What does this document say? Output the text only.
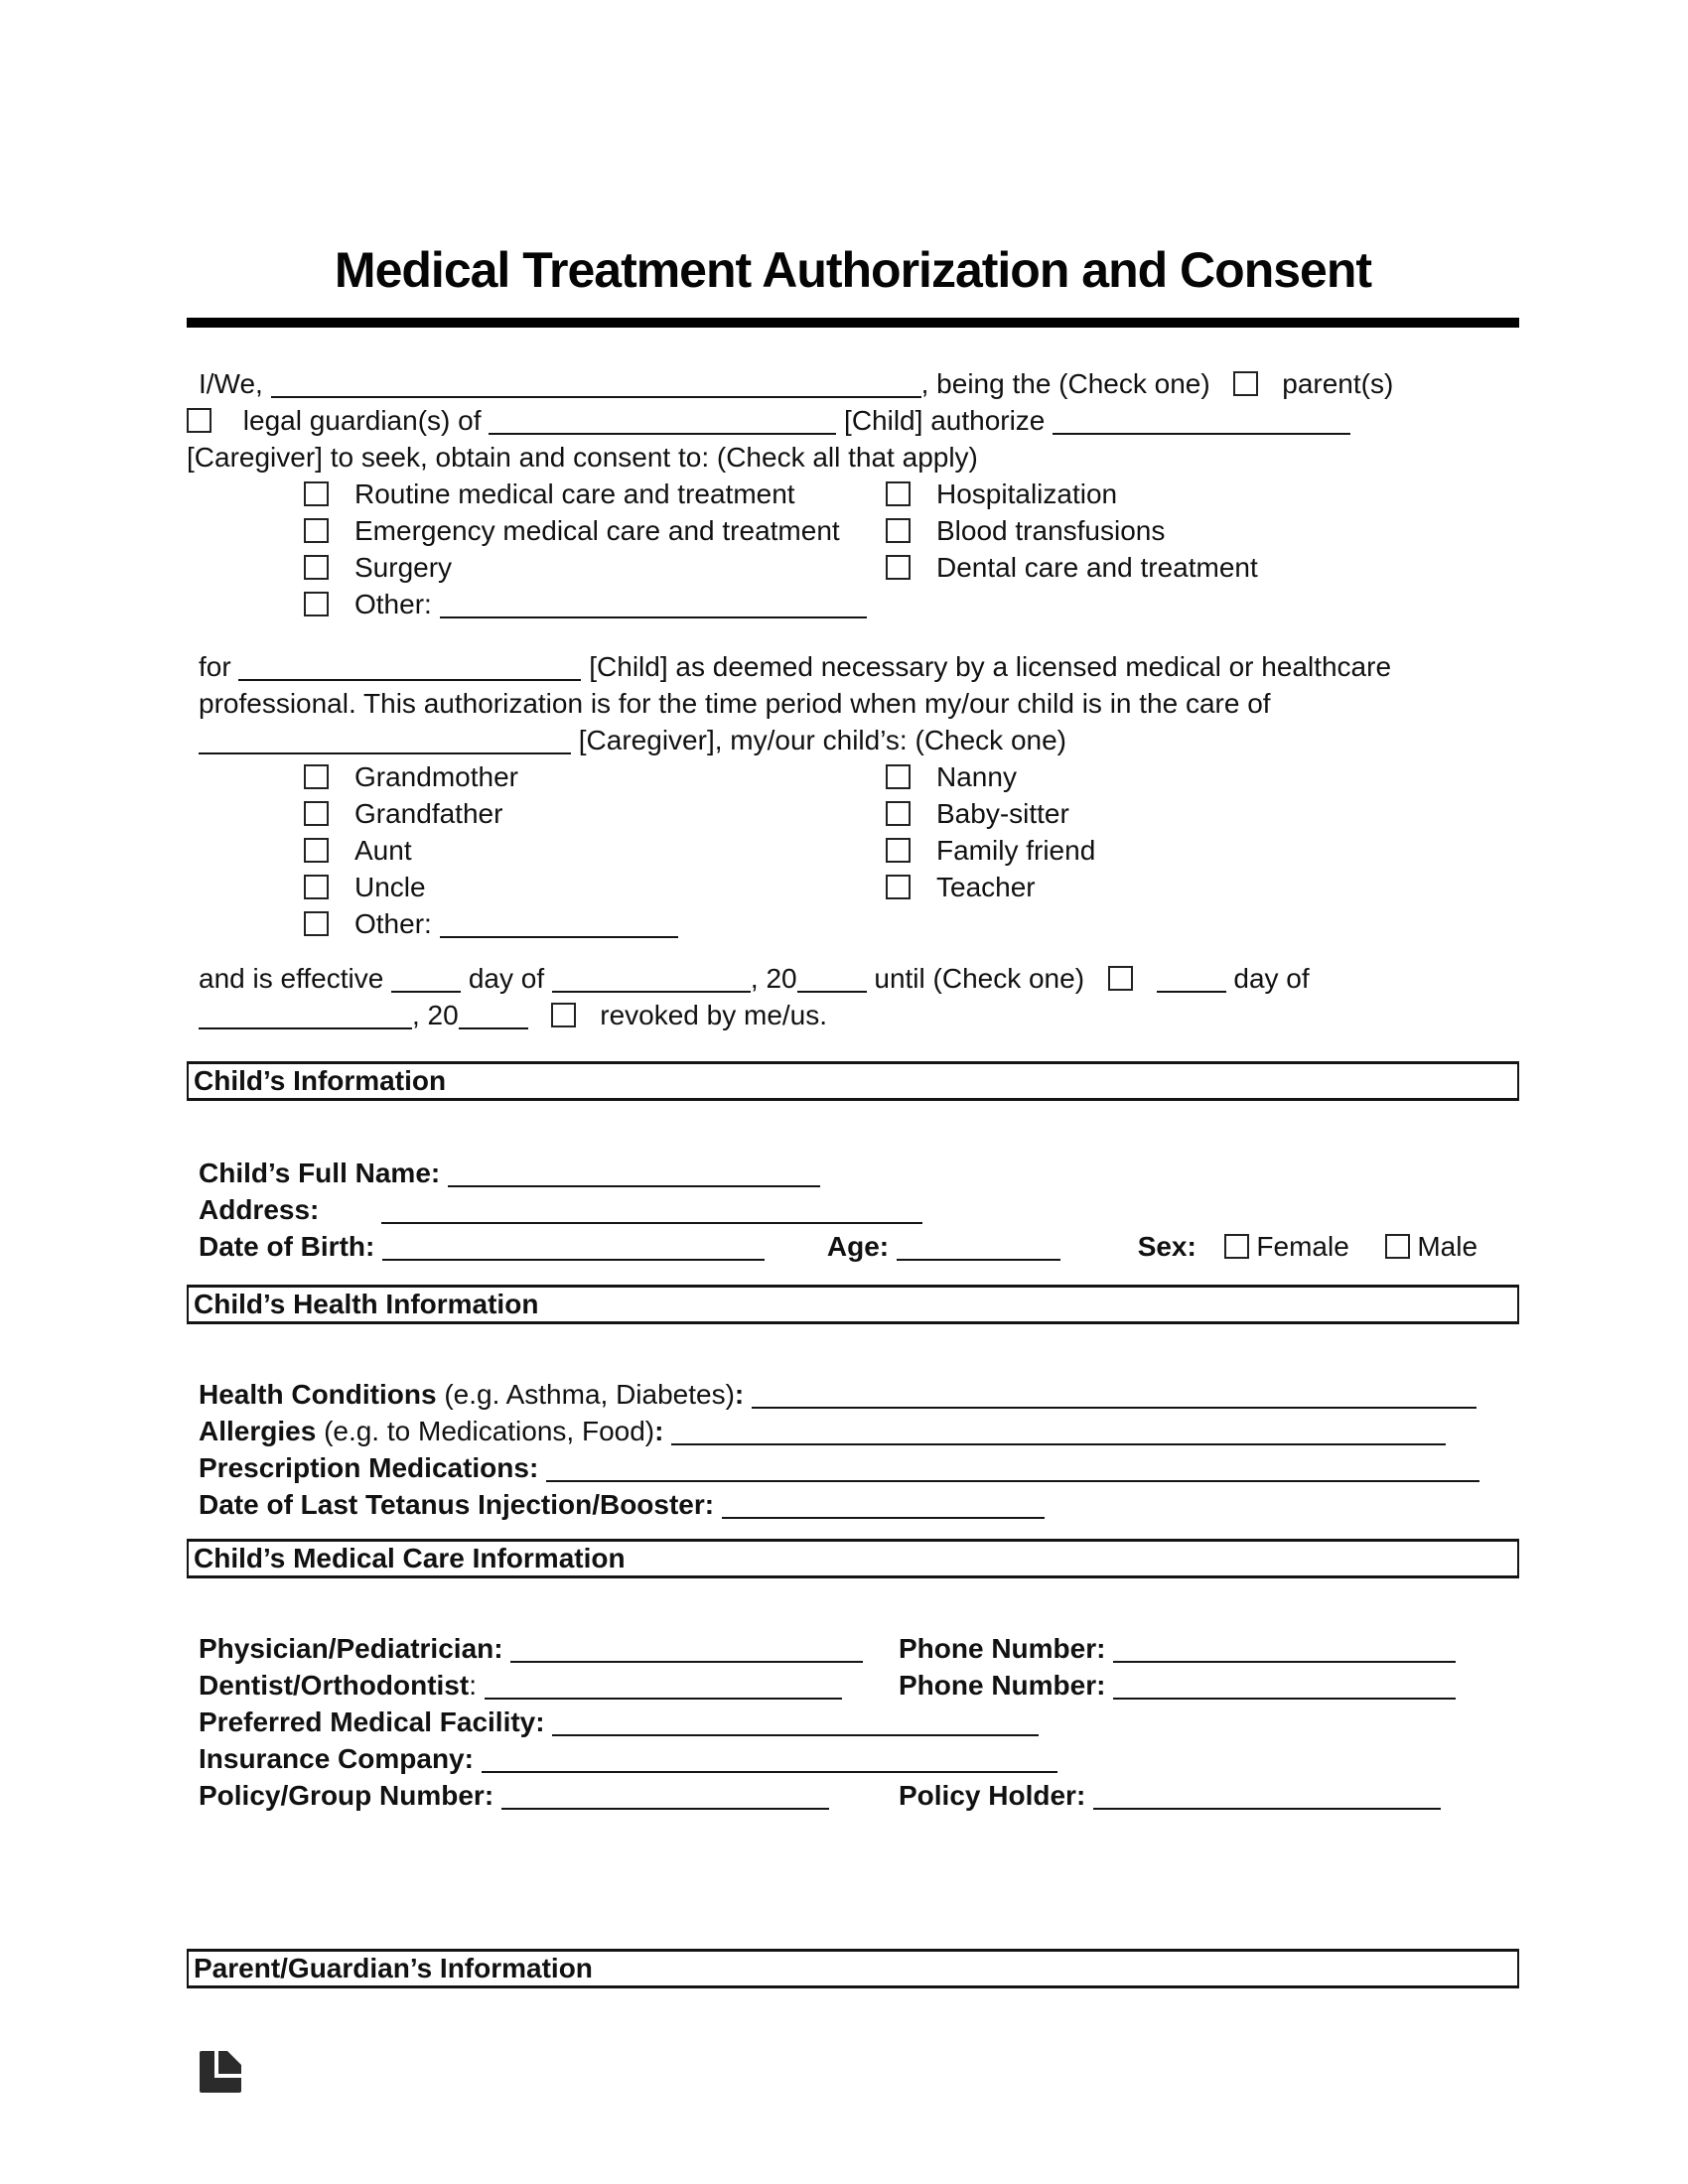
Medical Treatment Authorization and Consent
I/We,	, being the (Check one)	parent(s)
legal guardian(s) of	[Child] authorize
[Caregiver] to seek, obtain and consent to: (Check all that apply)
Routine medical care and treatment	Hospitalization
Emergency medical care and treatment	Blood transfusions
Surgery	Dental care and treatment
Other:
for	[Child] as deemed necessary by a licensed medical or healthcare
professional. This authorization is for the time period when my/our child is in the care of
[Caregiver], my/our child’s: (Check one)
Grandmother	Nanny
Grandfather	Baby-sitter
Aunt	Family friend
Uncle	Teacher
Other:
and is effective	day of	, 20	until (Check one)	day of
, 20	revoked by me/us.
Child’s Information
Child’s Full Name:
Address:
Date of Birth:	Age:	Sex: Female Male
Child’s Health Information
Health Conditions (e.g. Asthma, Diabetes):
Allergies (e.g. to Medications, Food):
Prescription Medications:
Date of Last Tetanus Injection/Booster:
Child’s Medical Care Information
Physician/Pediatrician:	Phone Number:
Dentist/Orthodontist:	Phone Number:
Preferred Medical Facility:
Insurance Company:
Policy/Group Number:	Policy Holder:
Parent/Guardian’s Information
